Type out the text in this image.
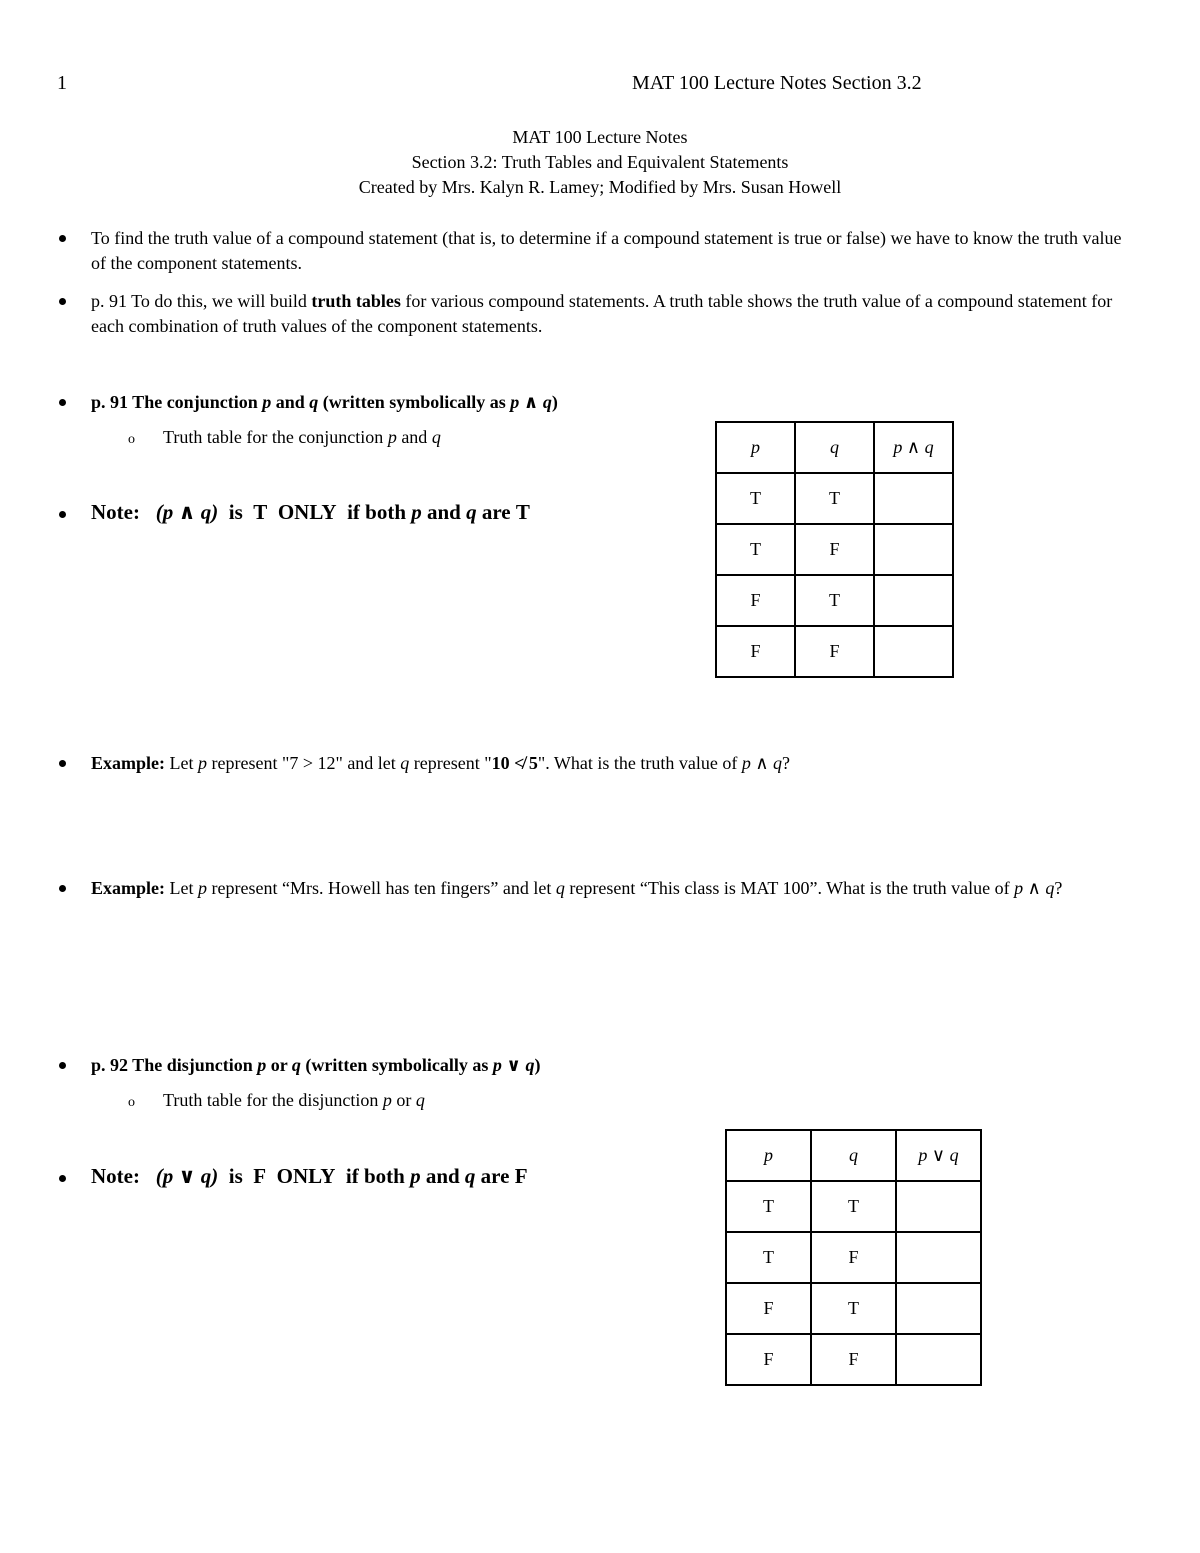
1	MAT 100 Lecture Notes Section 3.2
MAT 100 Lecture Notes
Section 3.2: Truth Tables and Equivalent Statements
Created by Mrs. Kalyn R. Lamey; Modified by Mrs. Susan Howell
To find the truth value of a compound statement (that is, to determine if a compound statement is true or false) we have to know the truth value of the component statements.
p. 91 To do this, we will build truth tables for various compound statements. A truth table shows the truth value of a compound statement for each combination of truth values of the component statements.
p. 91 The conjunction p and q (written symbolically as p ∧ q)
o Truth table for the conjunction p and q
Note: (p ∧ q) is T ONLY if both p and q are T
p	q	p ∧ q
T	T	
T	F	
F	T	
F	F	
Example: Let p represent "7 > 12" and let q represent "10 ≮ 5". What is the truth value of p ∧ q?
Example: Let p represent “Mrs. Howell has ten fingers” and let q represent “This class is MAT 100”. What is the truth value of p ∧ q?
p. 92 The disjunction p or q (written symbolically as p ∨ q)
o Truth table for the disjunction p or q
Note: (p ∨ q) is F ONLY if both p and q are F
p	q	p ∨ q
T	T	
T	F	
F	T	
F	F	
